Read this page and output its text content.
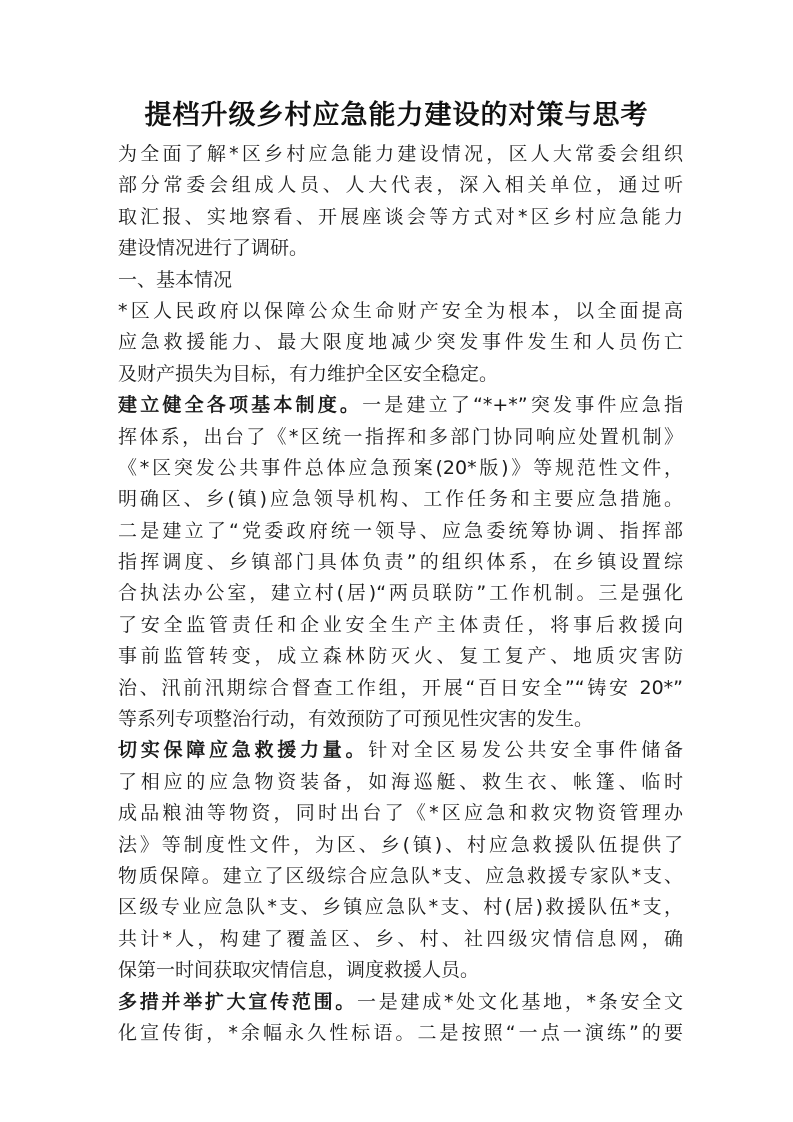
提档升级乡村应急能力建设的对策与思考
为全面了解*区乡村应急能力建设情况，区人大常委会组织
部分常委会组成人员、人大代表，深入相关单位，通过听
取汇报、实地察看、开展座谈会等方式对*区乡村应急能力
建设情况进行了调研。
一、基本情况
*区人民政府以保障公众生命财产安全为根本，以全面提高
应急救援能力、最大限度地减少突发事件发生和人员伤亡
及财产损失为目标，有力维护全区安全稳定。
建立健全各项基本制度。一是建立了“*+*”突发事件应急指
挥体系，出台了《*区统一指挥和多部门协同响应处置机制》
《*区突发公共事件总体应急预案(20*版)》等规范性文件，
明确区、乡(镇)应急领导机构、工作任务和主要应急措施。
二是建立了“党委政府统一领导、应急委统筹协调、指挥部
指挥调度、乡镇部门具体负责”的组织体系，在乡镇设置综
合执法办公室，建立村(居)“两员联防”工作机制。三是强化
了安全监管责任和企业安全生产主体责任，将事后救援向
事前监管转变，成立森林防灭火、复工复产、地质灾害防
治、汛前汛期综合督查工作组，开展“百日安全”“铸安 20*”
等系列专项整治行动，有效预防了可预见性灾害的发生。
切实保障应急救援力量。针对全区易发公共安全事件储备
了相应的应急物资装备，如海巡艇、救生衣、帐篷、临时
成品粮油等物资，同时出台了《*区应急和救灾物资管理办
法》等制度性文件，为区、乡(镇)、村应急救援队伍提供了
物质保障。建立了区级综合应急队*支、应急救援专家队*支、
区级专业应急队*支、乡镇应急队*支、村(居)救援队伍*支，
共计*人，构建了覆盖区、乡、村、社四级灾情信息网，确
保第一时间获取灾情信息，调度救援人员。
多措并举扩大宣传范围。一是建成*处文化基地，*条安全文
化宣传街，*余幅永久性标语。二是按照“一点一演练”的要
